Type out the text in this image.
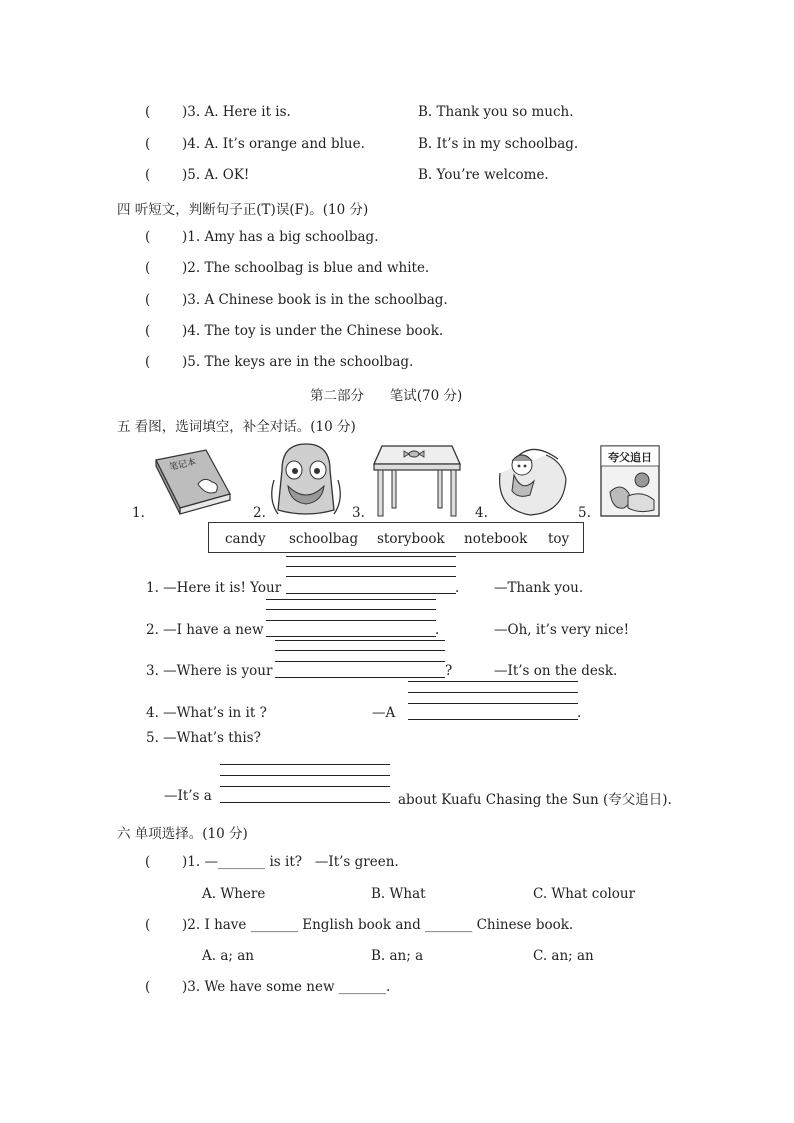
( )3. A. Here it is.	B. Thank you so much.
( )4. A. It’s orange and blue.	B. It’s in my schoolbag.
( )5. A. OK!	B. You’re welcome.
四 听短文，判断句子正(T)误(F)。(10 分)
( )1. Amy has a big schoolbag.
( )2. The schoolbag is blue and white.
( )3. A Chinese book is in the schoolbag.
( )4. The toy is under the Chinese book.
( )5. The keys are in the schoolbag.
第二部分      笔试(70 分)
五 看图，选词填空，补全对话。(10 分)
1.
笔记本
2.	3.	4.	5.
夸父追日
candy schoolbag storybook notebook toy
1. —Here it is! Your	.	—Thank you.
2. —I have a new	.	—Oh, it’s very nice!
3. —Where is your	?	—It’s on the desk.
4. —What’s in it ?	—A	.
5. —What’s this?
—It’s a	about Kuafu Chasing the Sun (夸父追日).
六 单项选择。(10 分)
( )1. —_______ is it?   —It’s green.
A. Where	B. What	C. What colour
( )2. I have _______ English book and _______ Chinese book.
A. a; an	B. an; a	C. an; an
( )3. We have some new _______.
